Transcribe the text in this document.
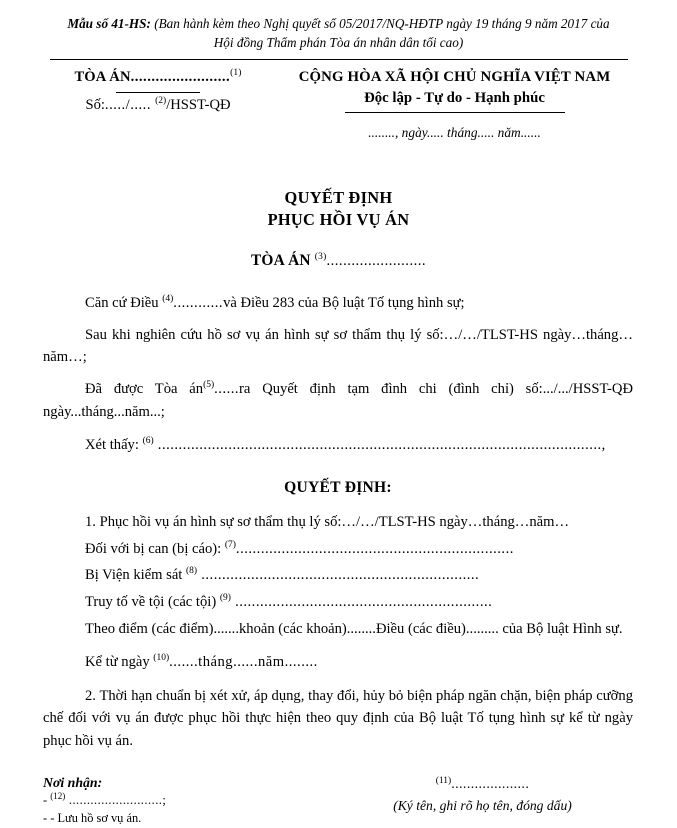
Mẫu số 41-HS: (Ban hành kèm theo Nghị quyết số 05/2017/NQ-HĐTP ngày 19 tháng 9 năm 2017 của
Hội đồng Thẩm phán Tòa án nhân dân tối cao)
TÒA ÁN........................$^{(1)}$
Số:...../..... $^{(2)}$/HSST-QĐ
CỘNG HÒA XÃ HỘI CHỦ NGHĨA VIỆT NAM
Độc lập - Tự do - Hạnh phúc
........, ngày..... tháng..... năm......
QUYẾT ĐỊNH
PHỤC HỒI VỤ ÁN
TÒA ÁN $^{(3)}$........................

Căn cứ Điều $^{(4)}$............và Điều 283 của Bộ luật Tố tụng hình sự;

Sau khi nghiên cứu hồ sơ vụ án hình sự sơ thẩm thụ lý số:…/…/TLST-HS ngày…tháng…năm…;

Đã được Tòa án$^{(5)}$......ra Quyết định tạm đình chi (đình chỉ) số:.../.../HSST-QĐ ngày...tháng...năm...;

Xét thấy: $^{(6)}$ ...........................................................................................................,

QUYẾT ĐỊNH:

1. Phục hồi vụ án hình sự sơ thẩm thụ lý số:…/…/TLST-HS ngày…tháng…năm…

Đối với bị can (bị cáo): $^{(7)}$...................................................................

Bị Viện kiểm sát $^{(8)}$ ...................................................................

Truy tố về tội (các tội) $^{(9)}$ ..............................................................

Theo điểm (các điểm).......khoản (các khoản)........Điều (các điều)......... của Bộ luật Hình sự.

Kể từ ngày $^{(10)}$.......tháng......năm........

2. Thời hạn chuẩn bị xét xử, áp dụng, thay đổi, hủy bỏ biện pháp ngăn chặn, biện pháp cưỡng chế đối với vụ án được phục hồi thực hiện theo quy định của Bộ luật Tố tụng hình sự kể từ ngày phục hồi vụ án.

Nơi nhận:
- $^{(12)}$ ..........................;
- - Lưu hồ sơ vụ án.
$^{(11)}$....................
(Ký tên, ghi rõ họ tên, đóng dấu)
